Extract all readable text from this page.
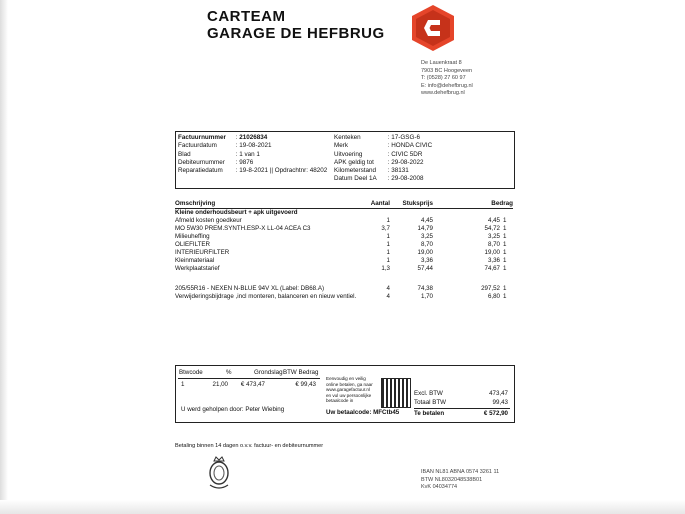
CARTEAM
GARAGE DE HEFBRUG
De Lauenkraat 8
7903 BC Hoogeveen
T: (0528) 27 60 97
E: info@dehefbrug.nl
www.dehefbrug.nl
Factuurnummer : 21026834
Factuurdatum	: 19-08-2021
Blad	: 1 van 1
Debiteurnummer : 9876
Reparatiedatum : 19-8-2021 || Opdrachtnr: 48202
Kenteken	: 17-GSG-6
Merk	: HONDA CIVIC
Uitvoering	: CIVIC 5DR
APK geldig tot : 29-08-2022
Kilometerstand : 38131
Datum Deel 1A : 29-08-2008
Omschrijving	Aantal	Stuksprijs	Bedrag
Kleine onderhoudsbeurt + apk uitgevoerd
Afmeld kosten goedkeur	1	4,45	4,45 1
MO 5W30 PREM.SYNTH.ESP-X LL-04 ACEA C3	3,7	14,79	54,72 1
Milieuheffing	1	3,25	3,25 1
OLIEFILTER	1	8,70	8,70 1
INTERIEURFILTER	1	19,00	19,00 1
Kleinmateriaal	1	3,36	3,36 1
Werkplaatstarief	1,3	57,44	74,67 1
205/55R16 - NEXEN N-BLUE 94V XL (Label: DB68.A)	4	74,38	297,52 1
Verwijderingsbijdrage ,incl monteren, balanceren en nieuw ventiel.	4	1,70	6,80 1
Btwcode	%	Grondslag BTW Bedrag
1	21,00	€ 473,47	€ 99,43
U werd geholpen door: Peter Wiebing
Eenvoudig en veilig
online betalen, ga naar
www.garagefactuur.nl
en vul uw persoonlijke
betaalcode in
Uw betaalcode: MFCtb45
Excl. BTW	473,47
Totaal BTW	99,43
Te betalen	€ 572,90
Betaling binnen 14 dagen o.v.v. factuur- en debiteurnummer
IBAN NL81 ABNA 0574 3261 11
BTW NL8032048538B01
KvK 04034774
